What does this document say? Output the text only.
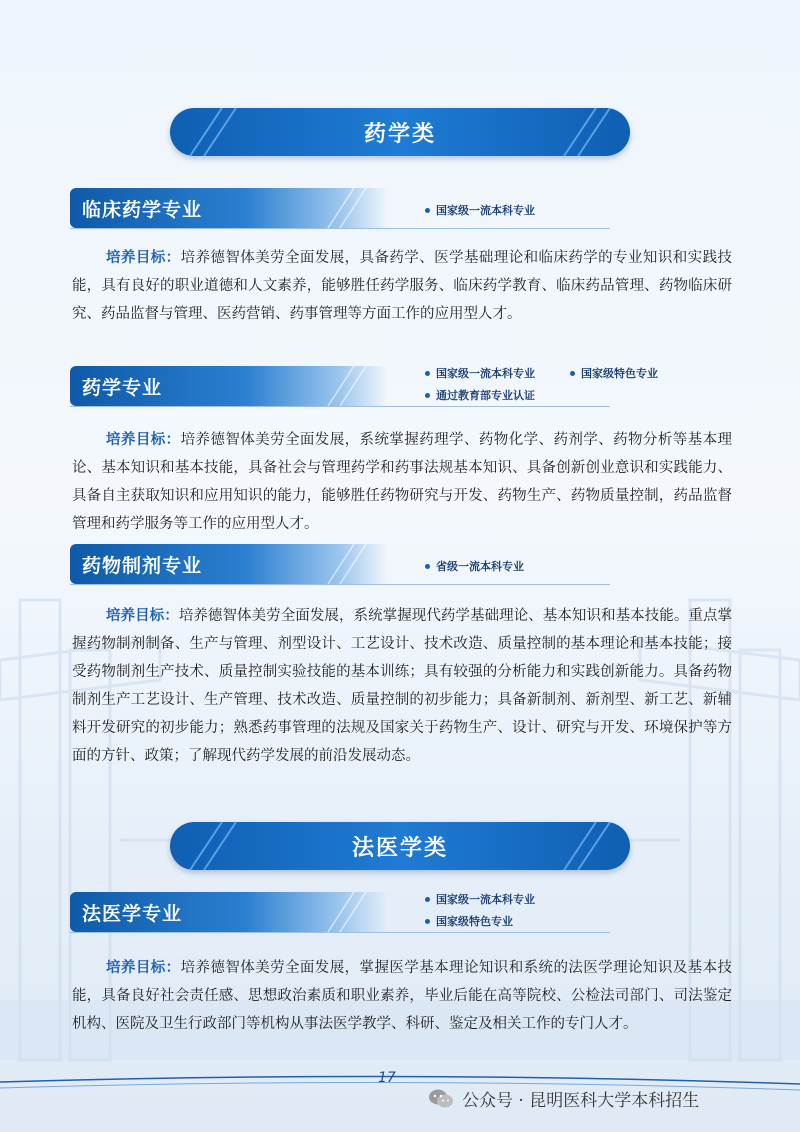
药学类
临床药学专业	国家级一流本科专业

培养目标：培养德智体美劳全面发展，具备药学、医学基础理论和临床药学的专业知识和实践技能，具有良好的职业道德和人文素养，能够胜任药学服务、临床药学教育、临床药品管理、药物临床研究、药品监督与管理、医药营销、药事管理等方面工作的应用型人才。

药学专业
国家级一流本科专业	国家级特色专业
通过教育部专业认证

培养目标：培养德智体美劳全面发展，系统掌握药理学、药物化学、药剂学、药物分析等基本理论、基本知识和基本技能，具备社会与管理药学和药事法规基本知识、具备创新创业意识和实践能力、具备自主获取知识和应用知识的能力，能够胜任药物研究与开发、药物生产、药物质量控制，药品监督管理和药学服务等工作的应用型人才。

药物制剂专业	省级一流本科专业

培养目标：培养德智体美劳全面发展，系统掌握现代药学基础理论、基本知识和基本技能。重点掌握药物制剂制备、生产与管理、剂型设计、工艺设计、技术改造、质量控制的基本理论和基本技能；接受药物制剂生产技术、质量控制实验技能的基本训练；具有较强的分析能力和实践创新能力。具备药物制剂生产工艺设计、生产管理、技术改造、质量控制的初步能力；具备新制剂、新剂型、新工艺、新辅料开发研究的初步能力；熟悉药事管理的法规及国家关于药物生产、设计、研究与开发、环境保护等方面的方针、政策；了解现代药学发展的前沿发展动态。

法医学类
法医学专业
国家级一流本科专业
国家级特色专业

培养目标：培养德智体美劳全面发展，掌握医学基本理论知识和系统的法医学理论知识及基本技能，具备良好社会责任感、思想政治素质和职业素养，毕业后能在高等院校、公检法司部门、司法鉴定机构、医院及卫生行政部门等机构从事法医学教学、科研、鉴定及相关工作的专门人才。

17
公众号 · 昆明医科大学本科招生
